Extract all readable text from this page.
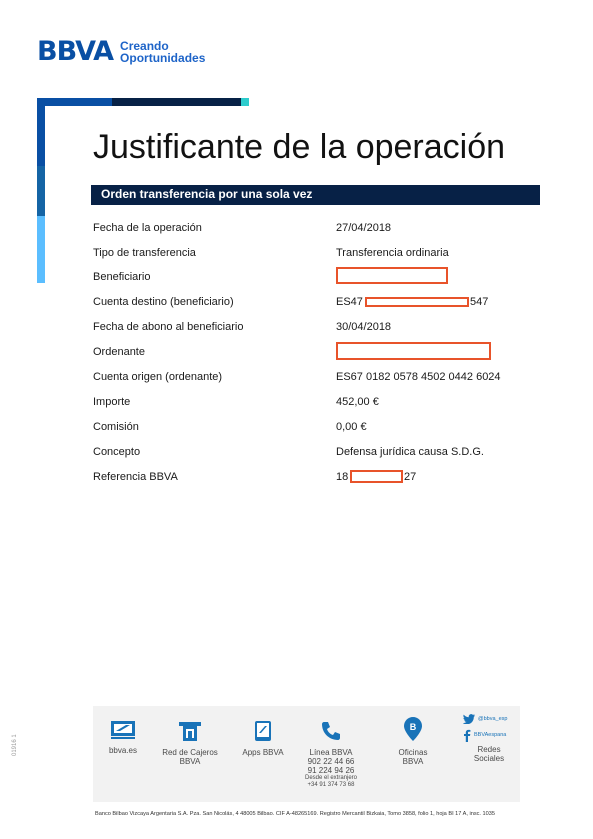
BBVA Creando
Oportunidades
Justificante de la operación
Orden transferencia por una sola vez
Fecha de la operación	27/04/2018
Tipo de transferencia	Transferencia ordinaria
Beneficiario
Cuenta destino (beneficiario)	ES47	547
Fecha de abono al beneficiario	30/04/2018
Ordenante
Cuenta origen (ordenante)	ES67 0182 0578 4502 0442 6024
Importe	452,00 €
Comisión	0,00 €
Concepto	Defensa jurídica causa S.D.G.
Referencia BBVA	18	27
bbva.es	Red de Cajeros
BBVA
Apps BBVA	Línea BBVA
902 22 44 66
91 224 94 26
Desde el extranjero
+34 91 374 73 68
B
Oficinas
BBVA
@bbva_esp
BBVAespana
Redes
Sociales
01916 1
Banco Bilbao Vizcaya Argentaria S.A. Pza. San Nicolás, 4 48005 Bilbao. CIF A-48265169. Registro Mercantil Bizkaia, Tomo 3858, folio 1, hoja BI 17 A, insc. 1035
